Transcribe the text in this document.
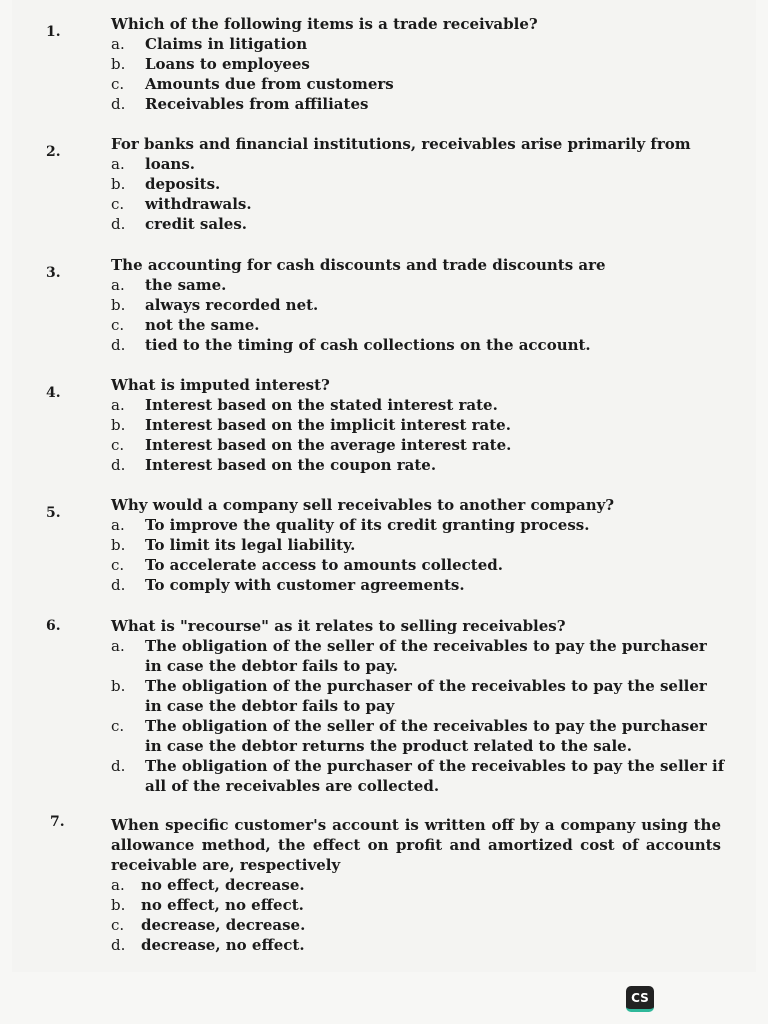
1.	Which of the following items is a trade receivable?
a. Claims in litigation
b. Loans to employees
c. Amounts due from customers
d. Receivables from affiliates
2.	For banks and financial institutions, receivables arise primarily from
a. loans.
b. deposits.
c. withdrawals.
d. credit sales.
3.	The accounting for cash discounts and trade discounts are
a. the same.
b. always recorded net.
c. not the same.
d. tied to the timing of cash collections on the account.
4.	What is imputed interest?
a. Interest based on the stated interest rate.
b. Interest based on the implicit interest rate.
c. Interest based on the average interest rate.
d. Interest based on the coupon rate.
5.	Why would a company sell receivables to another company?
a. To improve the quality of its credit granting process.
b. To limit its legal liability.
c. To accelerate access to amounts collected.
d. To comply with customer agreements.
6.	What is "recourse" as it relates to selling receivables?
a. The obligation of the seller of the receivables to pay the purchaser in case the debtor fails to pay.
b. The obligation of the purchaser of the receivables to pay the seller in case the debtor fails to pay
c. The obligation of the seller of the receivables to pay the purchaser in case the debtor returns the product related to the sale.
d. The obligation of the purchaser of the receivables to pay the seller if all of the receivables are collected.
7.	When specific customer's account is written off by a company using the allowance method, the effect on profit and amortized cost of accounts receivable are, respectively
a. no effect, decrease.
b. no effect, no effect.
c. decrease, decrease.
d. decrease, no effect.
CS
